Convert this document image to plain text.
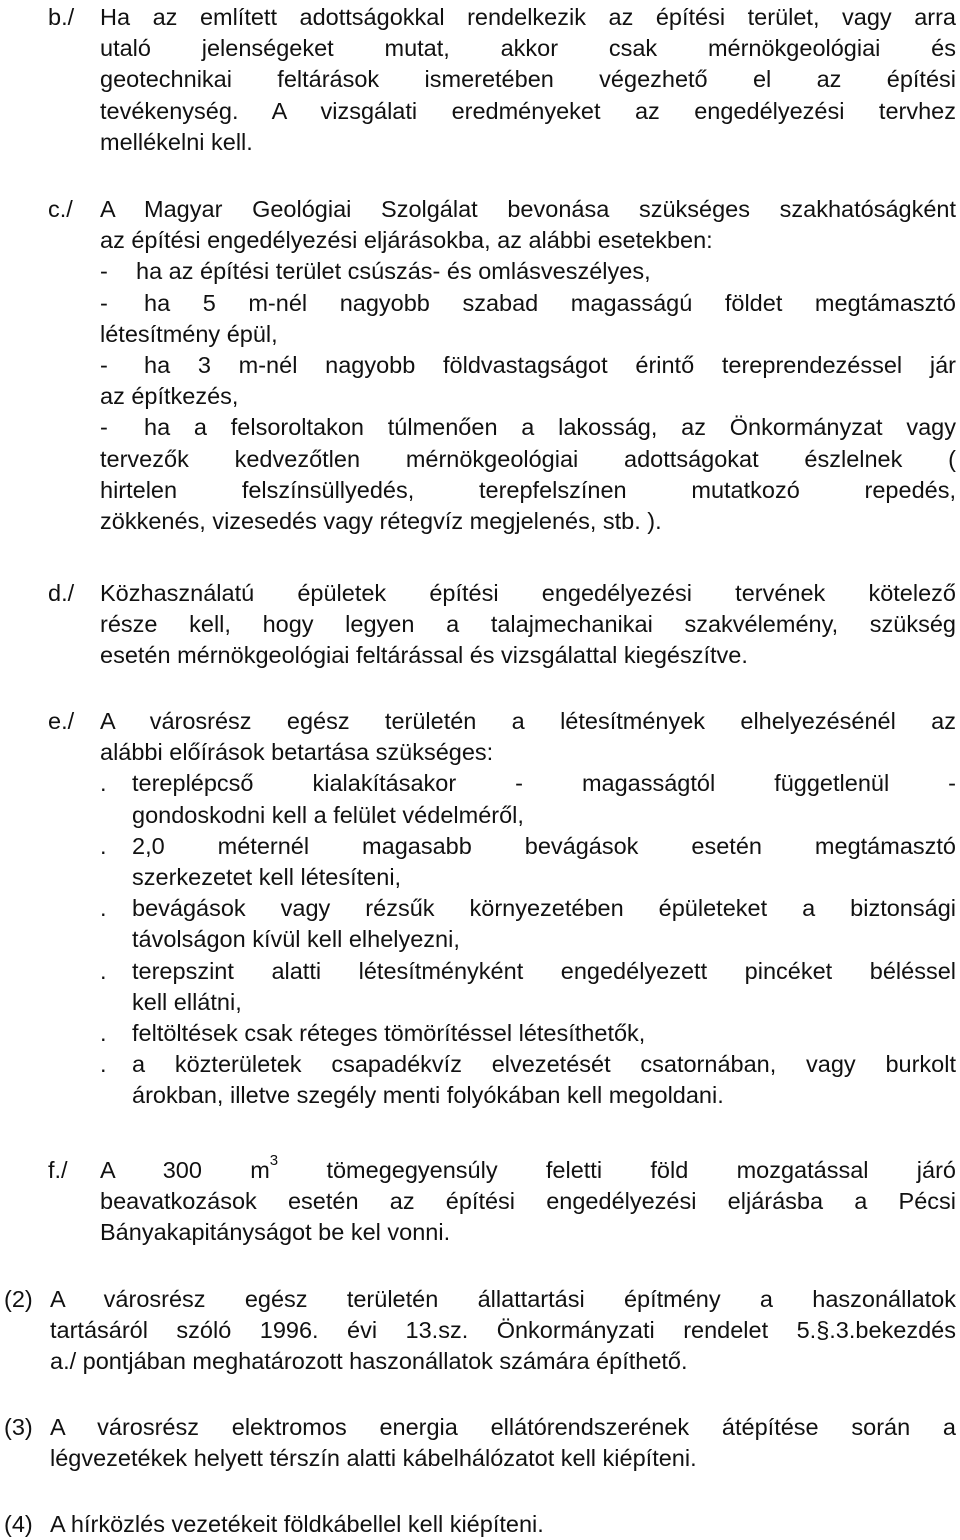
b./ Ha az említett adottságokkal rendelkezik az építési terület, vagy arra
utaló jelenségeket mutat, akkor csak mérnökgeológiai és
geotechnikai feltárások ismeretében végezhető el az építési
tevékenység. A vizsgálati eredményeket az engedélyezési tervhez
mellékelni kell.
c./ A Magyar Geológiai Szolgálat bevonása szükséges szakhatóságként
az építési engedélyezési eljárásokba, az alábbi esetekben:
- ha az építési terület csúszás- és omlásveszélyes,
- ha 5 m-nél nagyobb szabad magasságú földet megtámasztó
létesítmény épül,
- ha 3 m-nél nagyobb földvastagságot érintő tereprendezéssel jár
az építkezés,
- ha a felsoroltakon túlmenően a lakosság, az Önkormányzat vagy
tervezők kedvezőtlen mérnökgeológiai adottságokat észlelnek (
hirtelen felszínsüllyedés, terepfelszínen mutatkozó repedés,
zökkenés, vizesedés vagy rétegvíz megjelenés, stb. ).
d./ Közhasználatú épületek építési engedélyezési tervének kötelező
része kell, hogy legyen a talajmechanikai szakvélemény, szükség
esetén mérnökgeológiai feltárással és vizsgálattal kiegészítve.
e./ A városrész egész területén a létesítmények elhelyezésénél az
alábbi előírások betartása szükséges:
. tereplépcső kialakításakor - magasságtól függetlenül -
gondoskodni kell a felület védelméről,
. 2,0 méternél magasabb bevágások esetén megtámasztó
szerkezetet kell létesíteni,
. bevágások vagy rézsűk környezetében épületeket a biztonsági
távolságon kívül kell elhelyezni,
. terepszint alatti létesítményként engedélyezett pincéket béléssel
kell ellátni,
. feltöltések csak réteges tömörítéssel létesíthetők,
. a közterületek csapadékvíz elvezetését csatornában, vagy burkolt
árokban, illetve szegély menti folyókában kell megoldani.
f./ A 300 $m^3$ tömegegyensúly feletti föld mozgatással járó
beavatkozások esetén az építési engedélyezési eljárásba a Pécsi
Bányakapitányságot be kel vonni.
(2) A városrész egész területén állattartási építmény a haszonállatok
tartásáról szóló 1996. évi 13.sz. Önkormányzati rendelet 5.§.3.bekezdés
a./ pontjában meghatározott haszonállatok számára építhető.
(3) A városrész elektromos energia ellátórendszerének átépítése során a
légvezetékek helyett térszín alatti kábelhálózatot kell kiépíteni.
(4) A hírközlés vezetékeit földkábellel kell kiépíteni.
